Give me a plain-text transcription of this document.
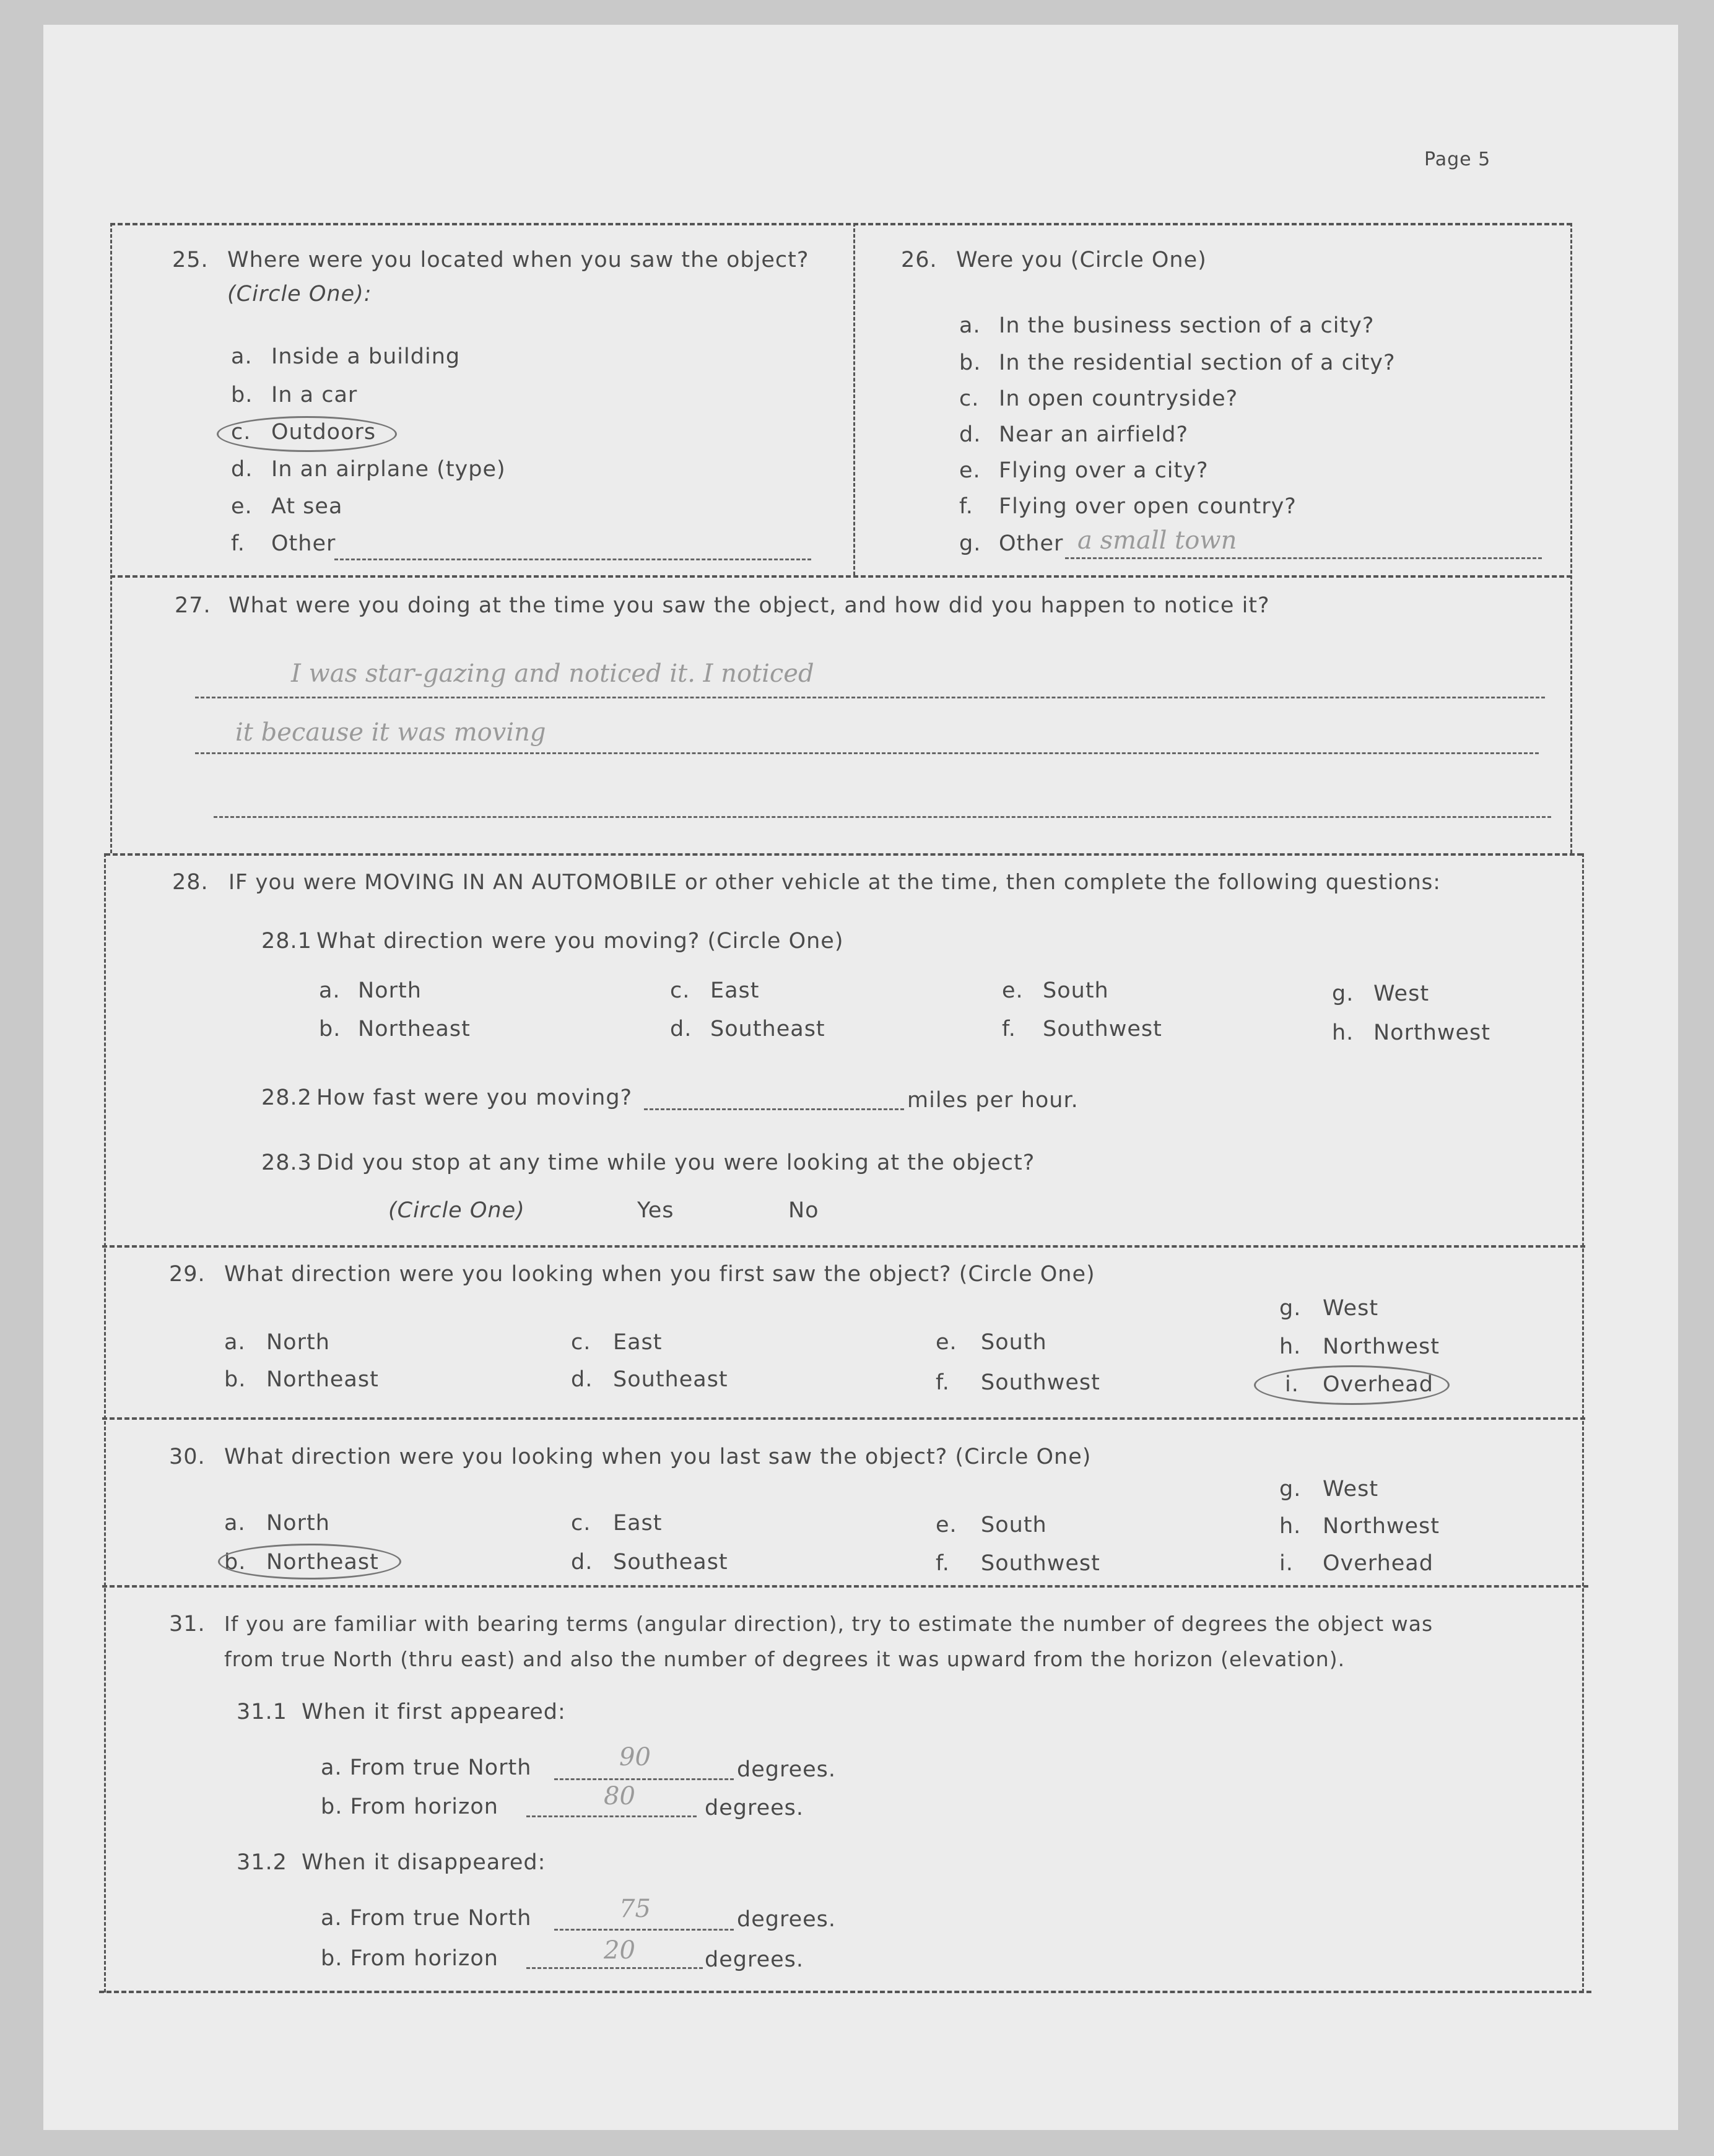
Page 5
25. Where were you located when you saw the object?
(Circle One):
a. Inside a building
b. In a car
c. Outdoors
d. In an airplane (type)
e. At sea
f. Other
26. Were you (Circle One)
a. In the business section of a city?
b. In the residential section of a city?
c. In open countryside?
d. Near an airfield?
e. Flying over a city?
f. Flying over open country?
g. Other a small town
27. What were you doing at the time you saw the object, and how did you happen to notice it?
I was star-gazing and noticed it. I noticed
it because it was moving
28. IF you were MOVING IN AN AUTOMOBILE or other vehicle at the time, then complete the following questions:
28.1 What direction were you moving? (Circle One)
a. North
b. Northeast
c. East
d. Southeast
e. South
f. Southwest
g. West
h. Northwest
28.2 How fast were you moving?	miles per hour.
28.3 Did you stop at any time while you were looking at the object?
(Circle One)	Yes	No
29. What direction were you looking when you first saw the object? (Circle One)
a. North
b. Northeast
c. East
d. Southeast
e. South
f. Southwest
g. West
h. Northwest
i. Overhead
30. What direction were you looking when you last saw the object? (Circle One)
a. North
b. Northeast
c. East
d. Southeast
e. South
f. Southwest
g. West
h. Northwest
i. Overhead
31. If you are familiar with bearing terms (angular direction), try to estimate the number of degrees the object was
from true North (thru east) and also the number of degrees it was upward from the horizon (elevation).
31.1 When it first appeared:
a. From true North	90	degrees.
b. From horizon	80	degrees.
31.2 When it disappeared:
a. From true North	75	degrees.
b. From horizon	20	degrees.
